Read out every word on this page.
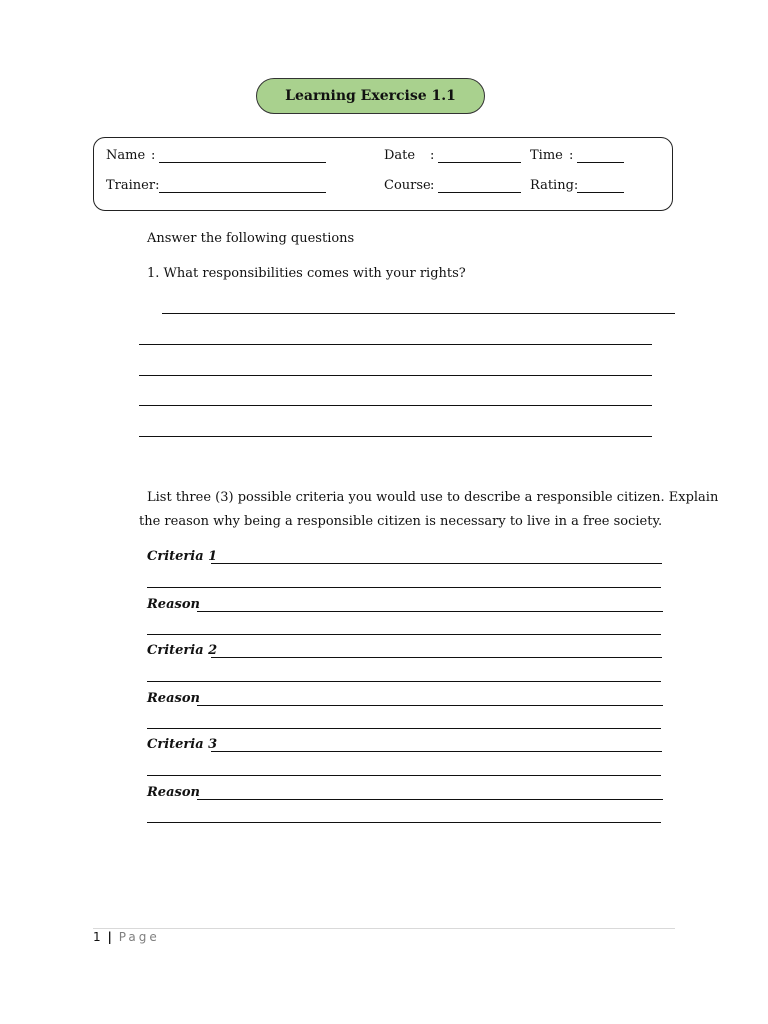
Learning Exercise 1.1
Name :
Trainer:
Date :
Course :
Time :
Rating:
Answer the following questions
1. What responsibilities comes with your rights?
List three (3) possible criteria you would use to describe a responsible citizen. Explain
the reason why being a responsible citizen is necessary to live in a free society.
Criteria 1
Reason
Criteria 2
Reason
Criteria 3
Reason
1 | Page
